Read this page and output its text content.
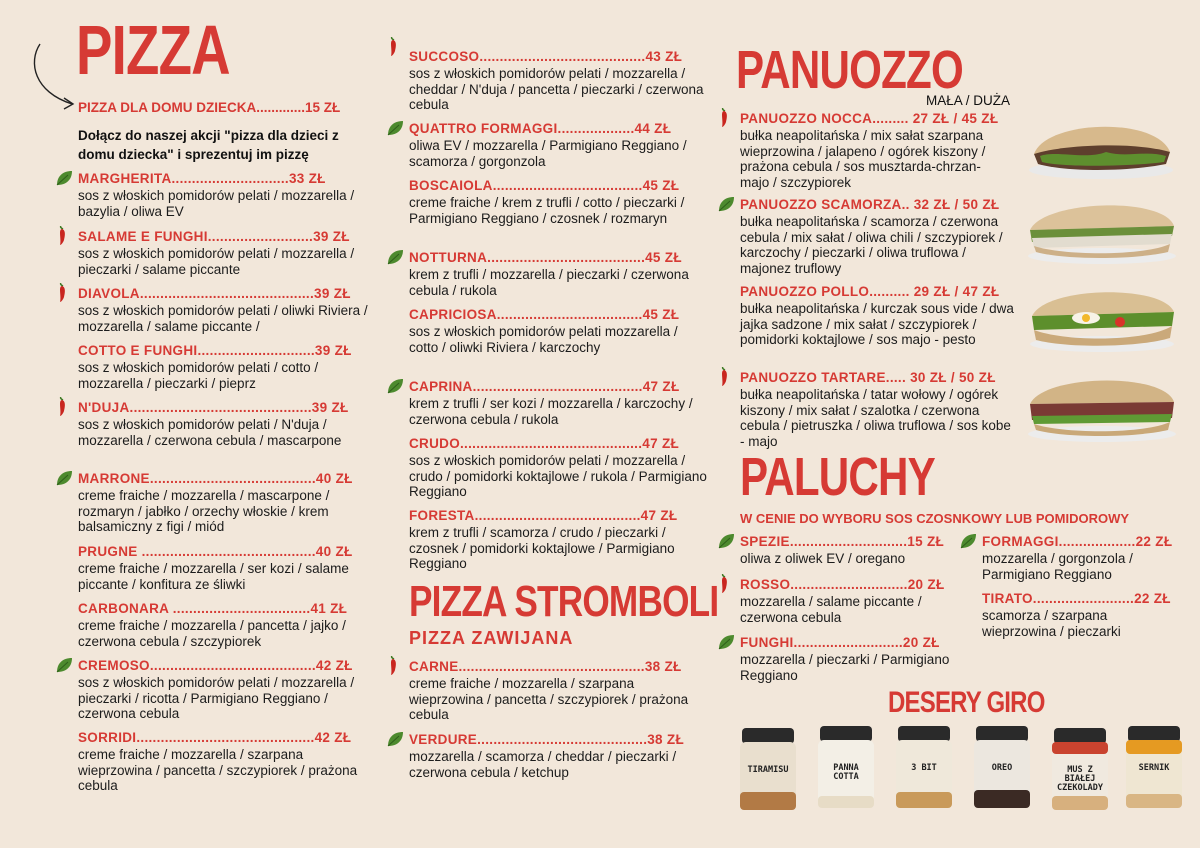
PIZZA
PIZZA DLA DOMU DZIECKA.............15 ZŁ
Dołącz do naszej akcji "pizza dla dzieci z domu dziecka" i sprezentuj im pizzę
MARGHERITA.............................33 ZŁ
sos z włoskich pomidorów pelati / mozzarella / bazylia / oliwa EV
SALAME E FUNGHI..........................39 ZŁ
sos z włoskich pomidorów pelati / mozzarella / pieczarki / salame piccante
DIAVOLA...........................................39 ZŁ
sos z włoskich pomidorów pelati / oliwki Riviera / mozzarella / salame piccante /
COTTO E FUNGHI.............................39 ZŁ
sos z włoskich pomidorów pelati / cotto / mozzarella / pieczarki / pieprz
N'DUJA.............................................39 ZŁ
sos z włoskich pomidorów pelati / N'duja / mozzarella / czerwona cebula / mascarpone
MARRONE.........................................40 ZŁ
creme fraiche / mozzarella / mascarpone / rozmaryn / jabłko / orzechy włoskie / krem balsamiczny z figi / miód
PRUGNE ...........................................40 ZŁ
creme fraiche / mozzarella / ser kozi / salame piccante / konfitura ze śliwki
CARBONARA ..................................41 ZŁ
creme fraiche / mozzarella / pancetta / jajko / czerwona cebula / szczypiorek
CREMOSO.........................................42 ZŁ
sos z włoskich pomidorów pelati / mozzarella / pieczarki / ricotta / Parmigiano Reggiano / czerwona cebula
SORRIDI............................................42 ZŁ
creme fraiche / mozzarella / szarpana wieprzowina / pancetta / szczypiorek / prażona cebula
SUCCOSO.........................................43 ZŁ
sos z włoskich pomidorów pelati / mozzarella / cheddar / N'duja / pancetta / pieczarki / czerwona cebula
QUATTRO FORMAGGI...................44 ZŁ
oliwa EV / mozzarella / Parmigiano Reggiano / scamorza / gorgonzola
BOSCAIOLA.....................................45 ZŁ
creme fraiche / krem z trufli / cotto / pieczarki / Parmigiano Reggiano / czosnek / rozmaryn
NOTTURNA.......................................45 ZŁ
krem z trufli / mozzarella / pieczarki / czerwona cebula / rukola
CAPRICIOSA....................................45 ZŁ
sos z włoskich pomidorów pelati mozzarella / cotto / oliwki Riviera / karczochy
CAPRINA..........................................47 ZŁ
krem z trufli / ser kozi / mozzarella / karczochy / czerwona cebula / rukola
CRUDO.............................................47 ZŁ
sos z włoskich pomidorów pelati / mozzarella / crudo / pomidorki koktajlowe / rukola / Parmigiano Reggiano
FORESTA.........................................47 ZŁ
krem z trufli / scamorza / crudo / pieczarki / czosnek / pomidorki koktajlowe / Parmigiano Reggiano
PIZZA STROMBOLI
PIZZA ZAWIJANA
CARNE..............................................38 ZŁ
creme fraiche / mozzarella / szarpana wieprzowina / pancetta / szczypiorek / prażona cebula
VERDURE..........................................38 ZŁ
mozzarella / scamorza / cheddar / pieczarki / czerwona cebula / ketchup
PANUOZZO
MAŁA / DUŻA
PANUOZZO NOCCA......... 27 ZŁ / 45 ZŁ
bułka neapolitańska / mix sałat szarpana wieprzowina / jalapeno / ogórek kiszony / prażona cebula / sos musztarda-chrzan-majo / szczypiorek
PANUOZZO SCAMORZA.. 32 ZŁ / 50 ZŁ
bułka neapolitańska / scamorza / czerwona cebula / mix sałat / oliwa chili / szczypiorek / karczochy / pieczarki / oliwa truflowa / majonez truflowy
PANUOZZO POLLO.......... 29 ZŁ / 47 ZŁ
bułka neapolitańska / kurczak sous vide / dwa jajka sadzone / mix sałat / szczypiorek / pomidorki koktajlowe / sos majo - pesto
PANUOZZO TARTARE..... 30 ZŁ / 50 ZŁ
bułka neapolitańska / tatar wołowy / ogórek kiszony / mix sałat / szalotka / czerwona cebula / pietruszka / oliwa truflowa / sos kobe - majo
PALUCHY
W CENIE DO WYBORU SOS CZOSNKOWY LUB POMIDOROWY
SPEZIE.............................15 ZŁ
oliwa z oliwek EV / oregano
ROSSO.............................20 ZŁ
mozzarella / salame piccante / czerwona cebula
FUNGHI...........................20 ZŁ
mozzarella / pieczarki / Parmigiano Reggiano
FORMAGGI...................22 ZŁ
mozzarella / gorgonzola / Parmigiano Reggiano
TIRATO.........................22 ZŁ
scamorza / szarpana wieprzowina / pieczarki
DESERY GIRO
TIRAMISU	PANNA COTTA
3 BIT	OREO	MUS Z BIAŁEJ CZEKOLADY
SERNIK
